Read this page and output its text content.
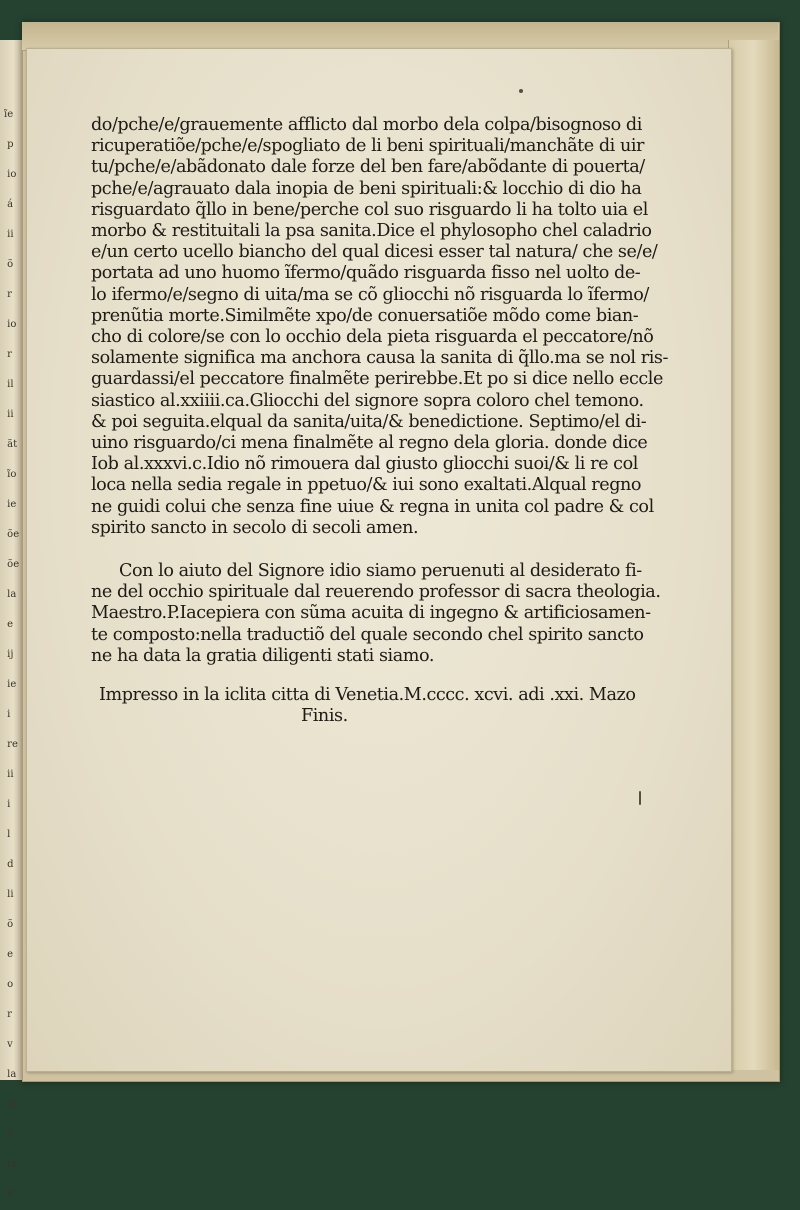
ĩe
p
io
á
ii
õ
r
io
r
il
ii
ãt
ĩo
ie
õe
õe
la
e
ij
ie
i
re
ii
i
l
d
li
õ
e
o
r
v
la
io
õ
te
õ
do/pche/e/grauemente afflicto dal morbo dela colpa/bisognoso di
ricuperatiõe/pche/e/spogliato de li beni spirituali/manchãte di uir
tu/pche/e/abãdonato dale forze del ben fare/abõdante di pouerta/
pche/e/agrauato dala inopia de beni spirituali:& locchio di dio ha
risguardato q̃llo in bene/perche col suo risguardo li ha tolto uia el
morbo & restituitali la psa sanita.Dice el phylosopho chel caladrio
e/un certo ucello biancho del qual dicesi esser tal natura/ che se/e/
portata ad uno huomo ĩfermo/quãdo risguarda fisso nel uolto de-
lo ifermo/e/segno di uita/ma se cõ gliocchi nõ risguarda lo ĩfermo/
prenũtia morte.Similmẽte xpo/de conuersatiõe mõdo come bian-
cho di colore/se con lo occhio dela pieta risguarda el peccatore/nõ
solamente significa ma anchora causa la sanita di q̃llo.ma se nol ris-
guardassi/el peccatore finalmẽte perirebbe.Et po si dice nello eccle
siastico al.xxiiii.ca.Gliocchi del signore sopra coloro chel temono.
& poi seguita.elqual da sanita/uita/& benedictione. Septimo/el di-
uino risguardo/ci mena finalmẽte al regno dela gloria. donde dice
Iob al.xxxvi.c.Idio nõ rimouera dal giusto gliocchi suoi/& li re col
loca nella sedia regale in ppetuo/& iui sono exaltati.Alqual regno
ne guidi colui che senza fine uiue & regna in unita col padre & col
spirito sancto in secolo di secoli amen.
Con lo aiuto del Signore idio siamo peruenuti al desiderato fi-
ne del occhio spirituale dal reuerendo professor di sacra theologia.
Maestro.P.Iacepiera con sũma acuita di ingegno & artificiosamen-
te composto:nella traductiõ del quale secondo chel spirito sancto
ne ha data la gratia diligenti stati siamo.
Impresso in la iclita citta di Venetia.M.cccc. xcvi. adi .xxi. Mazo
Finis.
